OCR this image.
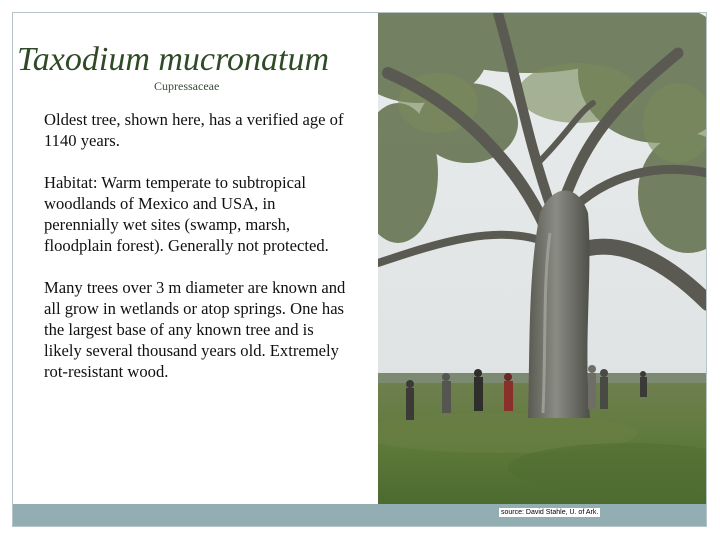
Taxodium mucronatum
Cupressaceae

Oldest tree, shown here, has a verified age of 1140 years.

Habitat: Warm temperate to subtropical woodlands of Mexico and USA, in perennially wet sites (swamp, marsh, floodplain forest). Generally not protected.

Many trees over 3 m diameter are known and all grow in wetlands or atop springs. One has the largest base of any known tree and is likely several thousand years old. Extremely rot-resistant wood.

source: David Stahle, U. of Ark.
